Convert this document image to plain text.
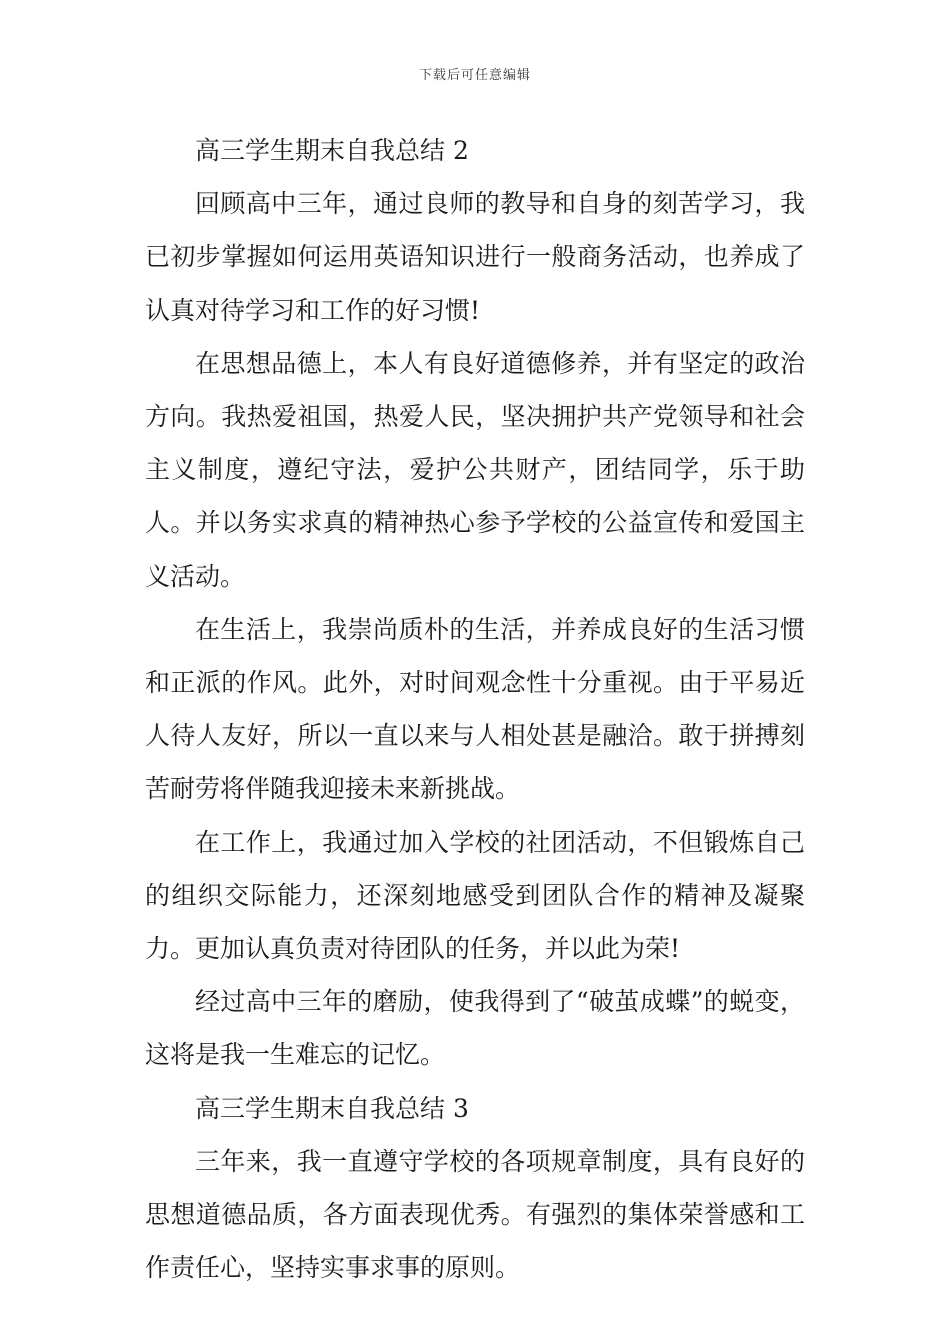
下载后可任意编辑

高三学生期末自我总结 2

回顾高中三年，通过良师的教导和自身的刻苦学习，我已初步掌握如何运用英语知识进行一般商务活动，也养成了认真对待学习和工作的好习惯!

在思想品德上，本人有良好道德修养，并有坚定的政治方向。我热爱祖国，热爱人民，坚决拥护共产党领导和社会主义制度，遵纪守法，爱护公共财产，团结同学，乐于助人。并以务实求真的精神热心参予学校的公益宣传和爱国主义活动。

在生活上，我崇尚质朴的生活，并养成良好的生活习惯和正派的作风。此外，对时间观念性十分重视。由于平易近人待人友好，所以一直以来与人相处甚是融洽。敢于拼搏刻苦耐劳将伴随我迎接未来新挑战。

在工作上，我通过加入学校的社团活动，不但锻炼自己的组织交际能力，还深刻地感受到团队合作的精神及凝聚力。更加认真负责对待团队的任务，并以此为荣!

经过高中三年的磨励，使我得到了“破茧成蝶”的蜕变，这将是我一生难忘的记忆。

高三学生期末自我总结 3

三年来，我一直遵守学校的各项规章制度，具有良好的思想道德品质，各方面表现优秀。有强烈的集体荣誉感和工作责任心，坚持实事求事的原则。
